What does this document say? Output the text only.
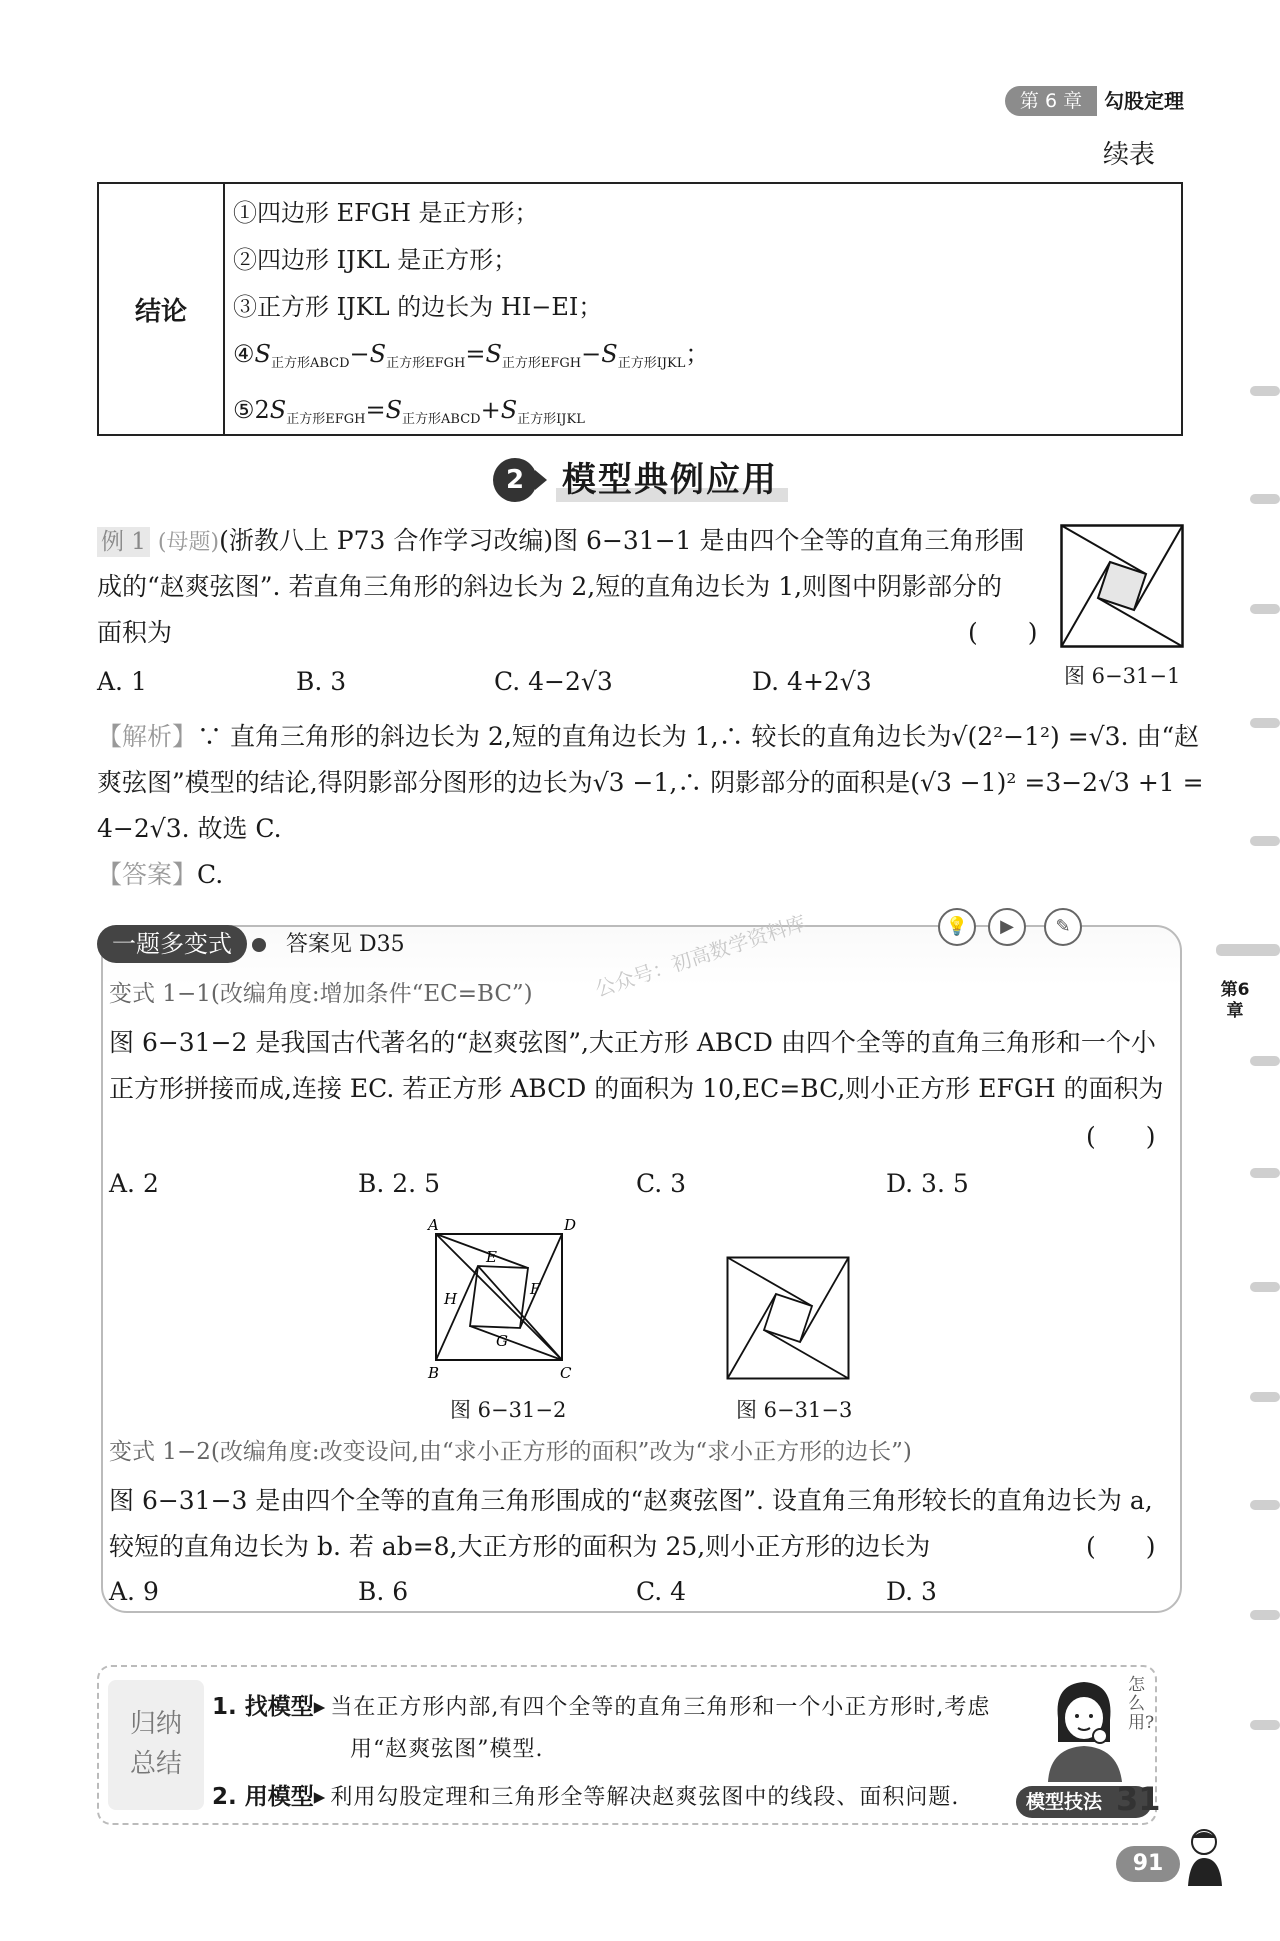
第 6 章	勾股定理
续表
结论
①四边形 EFGH 是正方形；
②四边形 IJKL 是正方形；
③正方形 IJKL 的边长为 HI−EI；
$④S_{正方形ABCD}-S_{正方形EFGH}=S_{正方形EFGH}-S_{正方形IJKL}$；
$⑤2S_{正方形EFGH}=S_{正方形ABCD}+S_{正方形IJKL}$
2	模型典例应用
例 1 (母题)(浙教八上 P73 合作学习改编)图 6−31−1 是由四个全等的直角三角形围
成的“赵爽弦图”. 若直角三角形的斜边长为 2,短的直角边长为 1,则图中阴影部分的
面积为	(　　)
A. 1	B. 3	C. 4−2√3	D. 4+2√3	图 6−31−1
【解析】∵ 直角三角形的斜边长为 2,短的直角边长为 1,∴ 较长的直角边长为√(2²−1²) =√3. 由“赵
爽弦图”模型的结论,得阴影部分图形的边长为√3 −1,∴ 阴影部分的面积是(√3 −1)² =3−2√3 +1 =
4−2√3. 故选 C.
【答案】C.
一题多变式	答案见 D35	公众号：初高数学资料库	💡	▶	✎
变式 1−1(改编角度:增加条件“EC=BC”)
图 6−31−2 是我国古代著名的“赵爽弦图”,大正方形 ABCD 由四个全等的直角三角形和一个小
正方形拼接而成,连接 EC. 若正方形 ABCD 的面积为 10,EC=BC,则小正方形 EFGH 的面积为
(　　)
A. 2	B. 2. 5	C. 3	D. 3. 5
A	D
E
F
H
G
B	C
图 6−31−2	图 6−31−3
变式 1−2(改编角度:改变设问,由“求小正方形的面积”改为“求小正方形的边长”)
图 6−31−3 是由四个全等的直角三角形围成的“赵爽弦图”. 设直角三角形较长的直角边长为 a,
较短的直角边长为 b. 若 ab=8,大正方形的面积为 25,则小正方形的边长为	(　　)
A. 9	B. 6	C. 4	D. 3
归纳
总结
1. 找模型▸ 当在正方形内部,有四个全等的直角三角形和一个小正方形时,考虑
用“赵爽弦图”模型.
2. 用模型▸ 利用勾股定理和三角形全等解决赵爽弦图中的线段、面积问题.
怎么用?
模型技法 31
91
第6章
